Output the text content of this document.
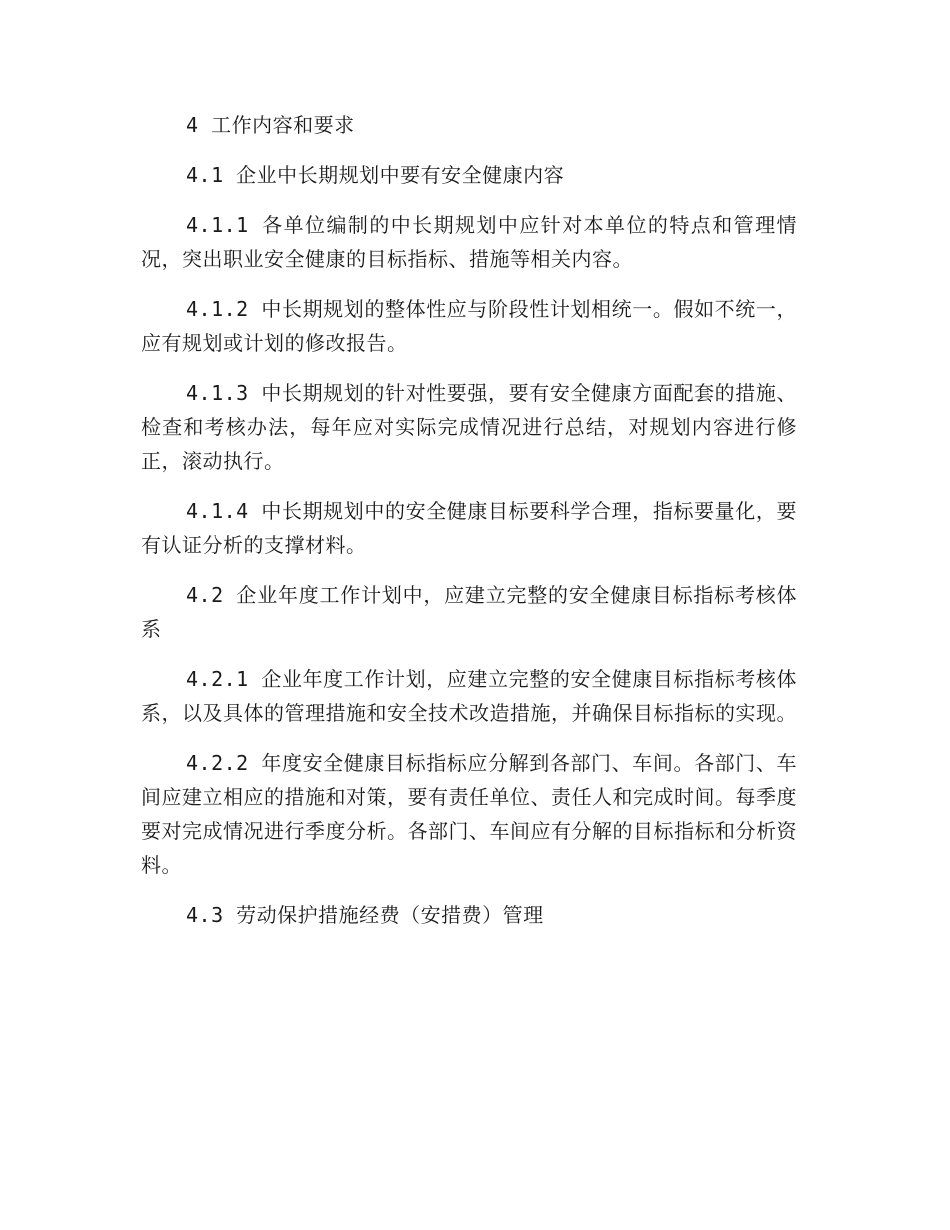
4 工作内容和要求

4.1 企业中长期规划中要有安全健康内容

4.1.1 各单位编制的中长期规划中应针对本单位的特点和管理情况，突出职业安全健康的目标指标、措施等相关内容。

4.1.2 中长期规划的整体性应与阶段性计划相统一。假如不统一，应有规划或计划的修改报告。

4.1.3 中长期规划的针对性要强，要有安全健康方面配套的措施、检查和考核办法，每年应对实际完成情况进行总结，对规划内容进行修正，滚动执行。

4.1.4 中长期规划中的安全健康目标要科学合理，指标要量化，要有认证分析的支撑材料。

4.2 企业年度工作计划中，应建立完整的安全健康目标指标考核体系

4.2.1 企业年度工作计划，应建立完整的安全健康目标指标考核体系，以及具体的管理措施和安全技术改造措施，并确保目标指标的实现。

4.2.2 年度安全健康目标指标应分解到各部门、车间。各部门、车间应建立相应的措施和对策，要有责任单位、责任人和完成时间。每季度要对完成情况进行季度分析。各部门、车间应有分解的目标指标和分析资料。

4.3 劳动保护措施经费（安措费）管理
